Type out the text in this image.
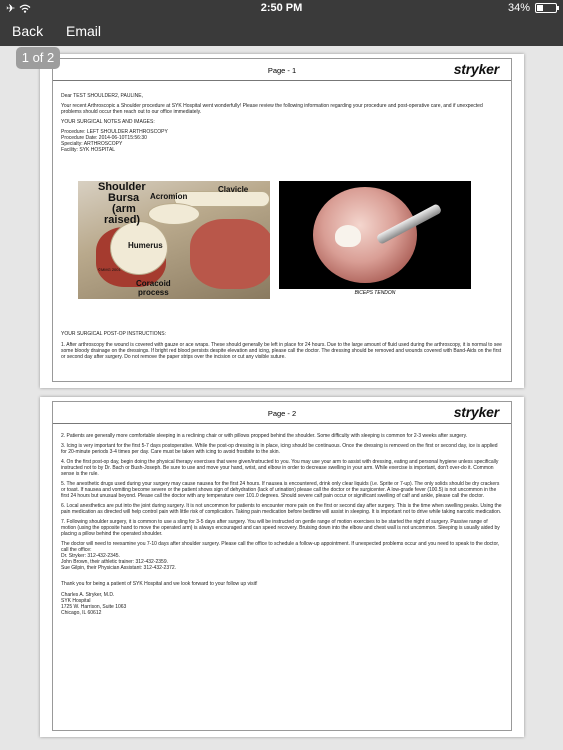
✈	2:50 PM	34%
Back Email
1 of 2
Page - 1	stryker

Dear TEST SHOULDER2, PAULINE,

Your recent Arthroscopic a Shoulder procedure at SYK Hospital went wonderfully! Please review the following information regarding your procedure and post-operative care, and if unexpected problems should occur then reach out to our office immediately.

YOUR SURGICAL NOTES AND IMAGES:

Procedure: LEFT SHOULDER ARTHROSCOPY
Procedure Date: 2014-06-10T15:56:30
Specialty: ARTHROSCOPY
Facility: SYK HOSPITAL
Shoulder
Bursa
(arm
raised)
Acromion
Clavicle
Humerus
©MMG 2001
Coracoid
process	BICEPS TENDON

YOUR SURGICAL POST-OP INSTRUCTIONS:

1. After arthroscopy the wound is covered with gauze or ace wraps. These should generally be left in place for 24 hours. Due to the large amount of fluid used during the arthroscopy, it is normal to see some bloody drainage on the dressings. If bright red blood persists despite elevation and icing, please call the doctor. The dressing should be removed and wounds covered with Band-Aids on the first or second day after surgery. Do not remove the paper strips over the incision or cut any visible suture.

Page - 2	stryker

2. Patients are generally more comfortable sleeping in a reclining chair or with pillows propped behind the shoulder. Some difficulty with sleeping is common for 2-3 weeks after surgery.

3. Icing is very important for the first 5-7 days postoperative. While the post-op dressing is in place, icing should be continuous. Once the dressing is removed on the first or second day, ice is applied for 20-minute periods 3-4 times per day. Care must be taken with icing to avoid frostbite to the skin.

4. On the first post-op day, begin doing the physical therapy exercises that were given/instructed to you. You may use your arm to assist with dressing, eating and personal hygiene unless specifically instructed not to by Dr. Bach or Bush-Joseph. Be sure to use and move your hand, wrist, and elbow in order to decrease swelling in your arm. While exercise is important, don't over-do it. Common sense is the rule.

5. The anesthetic drugs used during your surgery may cause nausea for the first 24 hours. If nausea is encountered, drink only clear liquids (i.e. Sprite or 7-up). The only solids should be dry crackers or toast. If nausea and vomiting become severe or the patient shows sign of dehydration (lack of urination) please call the doctor or the surgicenter. A low-grade fever (100.5) is not uncommon in the first 24 hours but unusual beyond. Please call the doctor with any temperature over 101.0 degrees. Should severe calf pain occur or significant swelling of calf and ankle, please call the doctor.

6. Local anesthetics are put into the joint during surgery. It is not uncommon for patients to encounter more pain on the first or second day after surgery. This is the time when swelling peaks. Using the pain medication as directed will help control pain with little risk of complication. Taking pain medication before bedtime will assist in sleeping. It is important not to drive while taking narcotic medication.

7. Following shoulder surgery, it is common to use a sling for 3-5 days after surgery. You will be instructed on gentle range of motion exercises to be started the night of surgery. Passive range of motion (using the opposite hand to move the operated arm) is always encouraged and can speed recovery. Bruising down into the elbow and chest wall is not uncommon. Sleeping is usually aided by placing a pillow behind the operated shoulder.

The doctor will need to reexamine you 7-10 days after shoulder surgery. Please call the office to schedule a follow-up appointment. If unexpected problems occur and you need to speak to the doctor, call the office:
Dr. Stryker: 312-432-2345.
John Brown, their athletic trainer: 312-432-2359.
Sue Gilpin, their Physician Assistant: 312-432-2372.

Thank you for being a patient of SYK Hospital and we look forward to your follow up visit!

Charles A. Stryker, M.D.
SYK Hospital
1725 W. Harrison, Suite 1063
Chicago, IL 60612
